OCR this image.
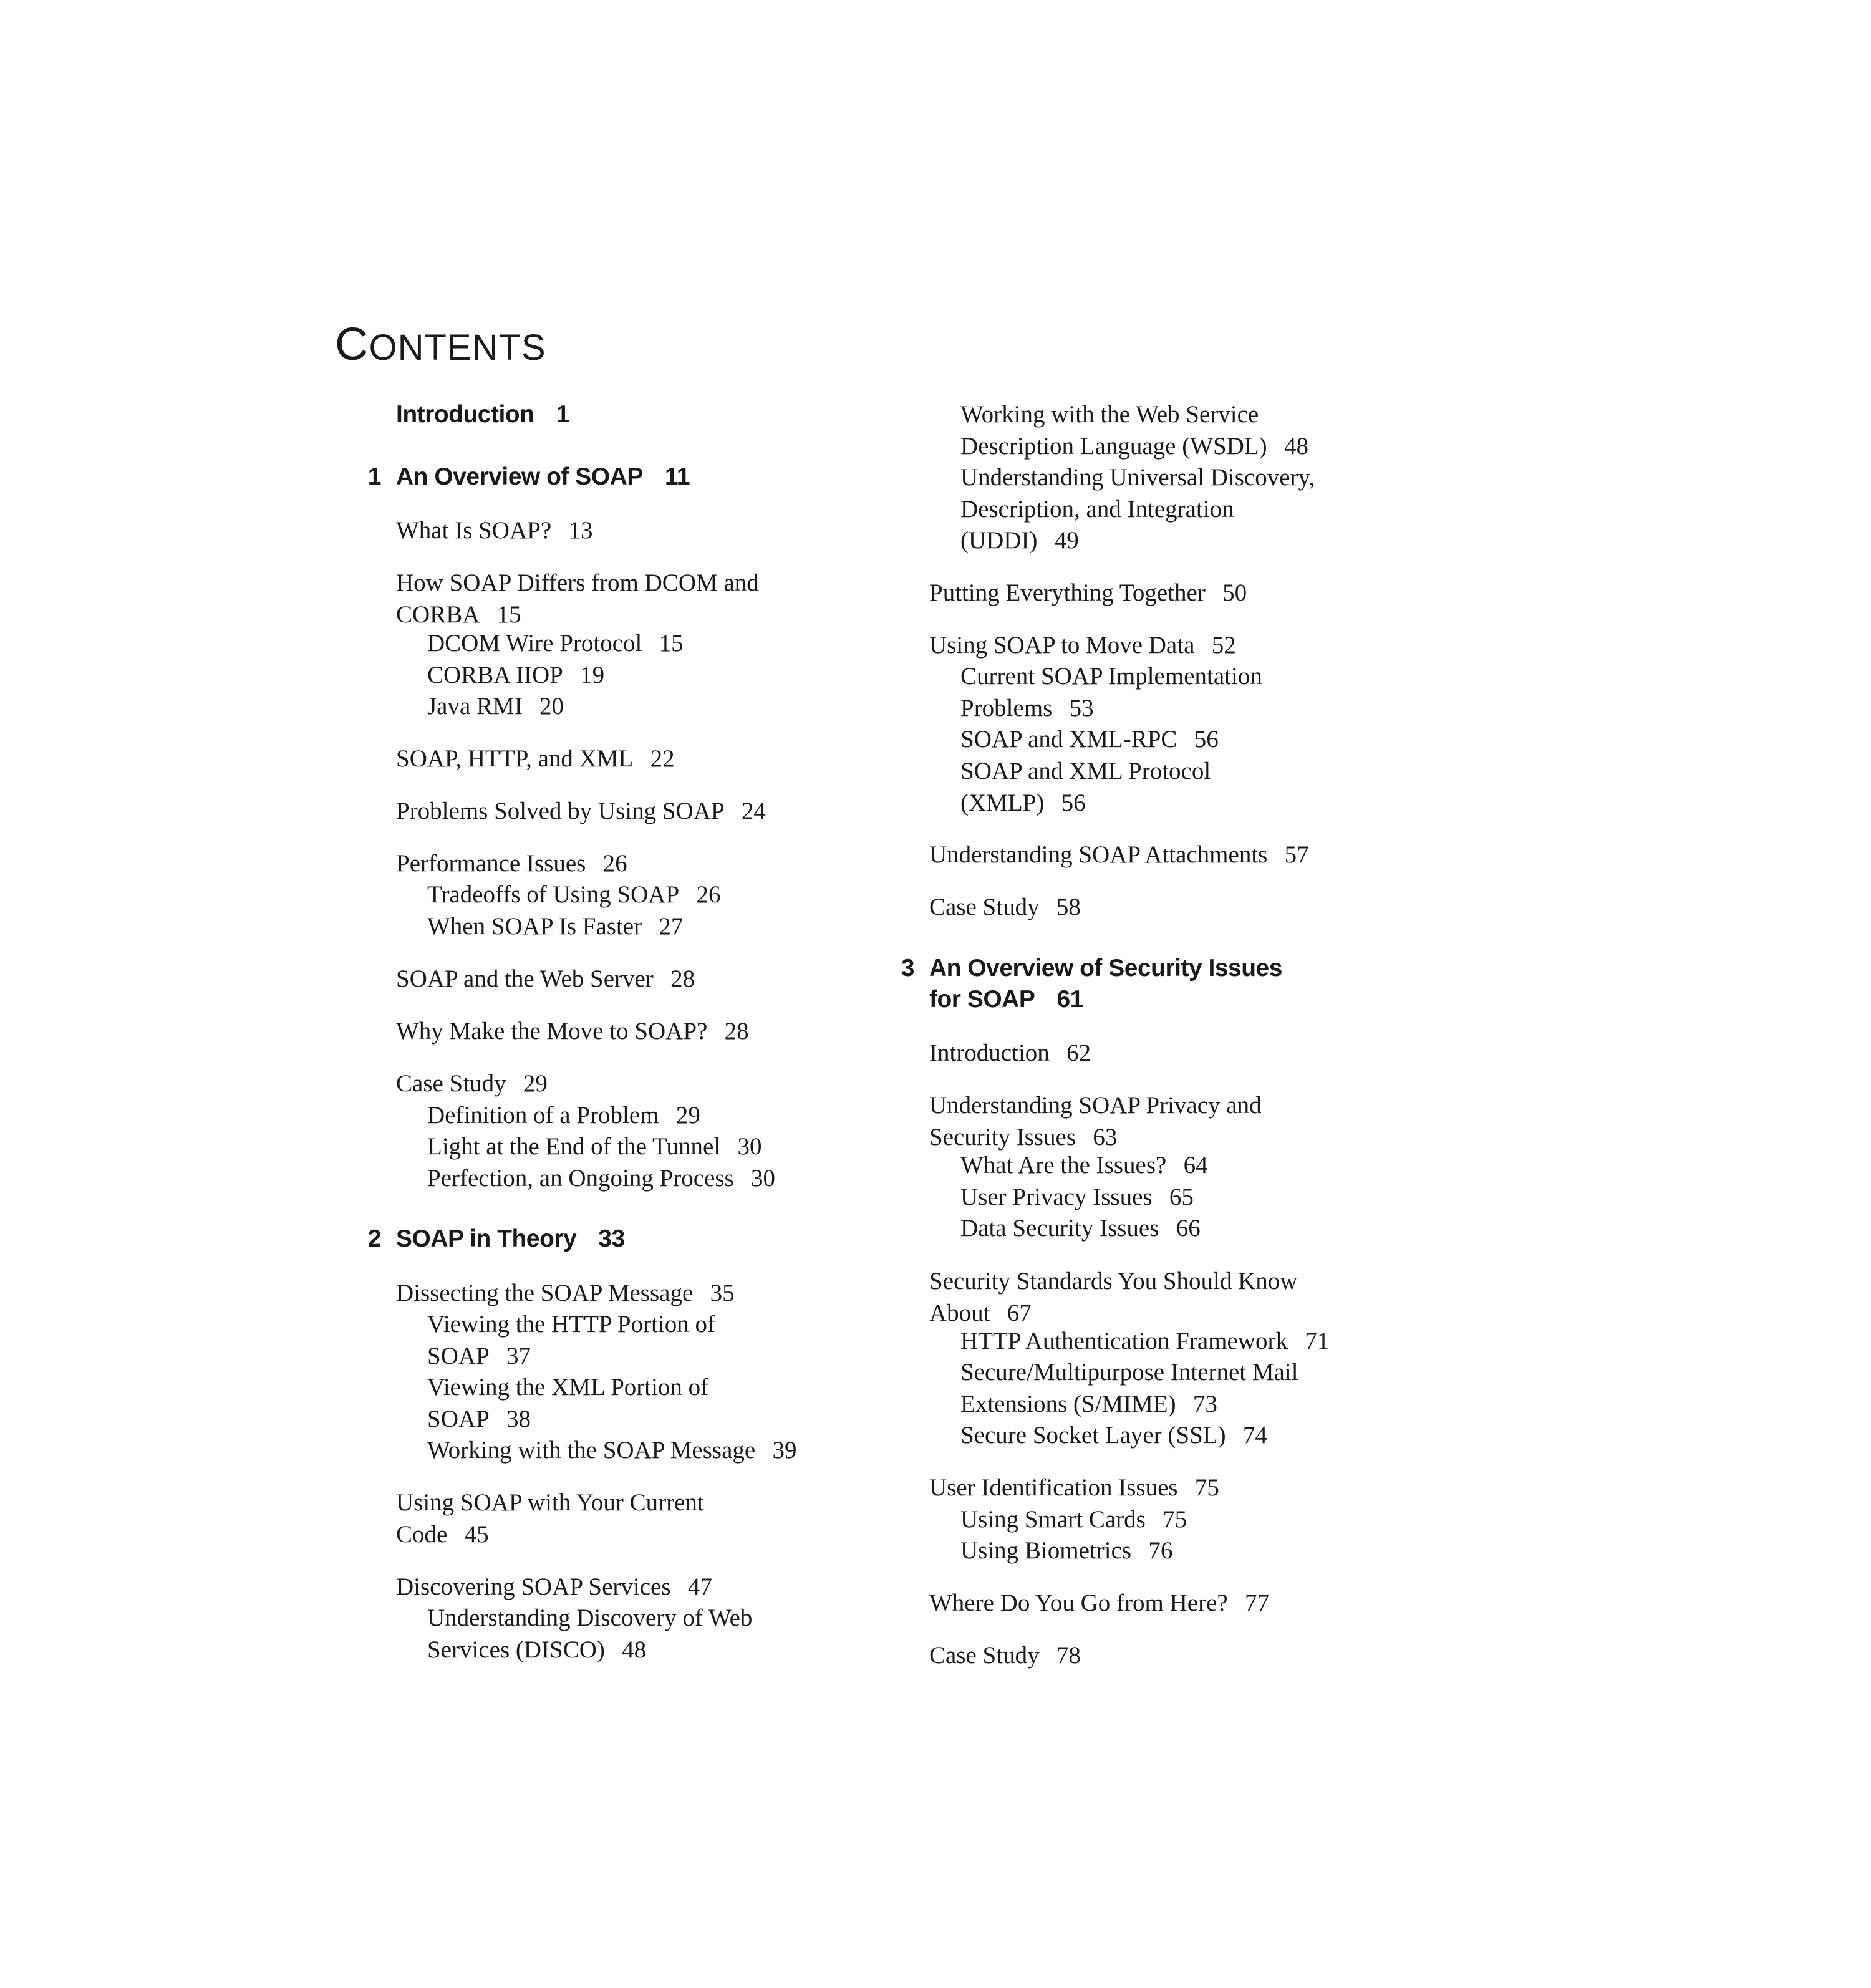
CONTENTS
Introduction 1
1 An Overview of SOAP 11
What Is SOAP? 13
How SOAP Differs from DCOM and
CORBA 15
DCOM Wire Protocol 15
CORBA IIOP 19
Java RMI 20
SOAP, HTTP, and XML 22
Problems Solved by Using SOAP 24
Performance Issues 26
Tradeoffs of Using SOAP 26
When SOAP Is Faster 27
SOAP and the Web Server 28
Why Make the Move to SOAP? 28
Case Study 29
Definition of a Problem 29
Light at the End of the Tunnel 30
Perfection, an Ongoing Process 30
2 SOAP in Theory 33
Dissecting the SOAP Message 35
Viewing the HTTP Portion of
SOAP 37
Viewing the XML Portion of
SOAP 38
Working with the SOAP Message 39
Using SOAP with Your Current
Code 45
Discovering SOAP Services 47
Understanding Discovery of Web
Services (DISCO) 48
Working with the Web Service
Description Language (WSDL) 48
Understanding Universal Discovery,
Description, and Integration
(UDDI) 49
Putting Everything Together 50
Using SOAP to Move Data 52
Current SOAP Implementation
Problems 53
SOAP and XML-RPC 56
SOAP and XML Protocol
(XMLP) 56
Understanding SOAP Attachments 57
Case Study 58
3 An Overview of Security Issues
for SOAP 61
Introduction 62
Understanding SOAP Privacy and
Security Issues 63
What Are the Issues? 64
User Privacy Issues 65
Data Security Issues 66
Security Standards You Should Know
About 67
HTTP Authentication Framework 71
Secure/Multipurpose Internet Mail
Extensions (S/MIME) 73
Secure Socket Layer (SSL) 74
User Identification Issues 75
Using Smart Cards 75
Using Biometrics 76
Where Do You Go from Here? 77
Case Study 78
